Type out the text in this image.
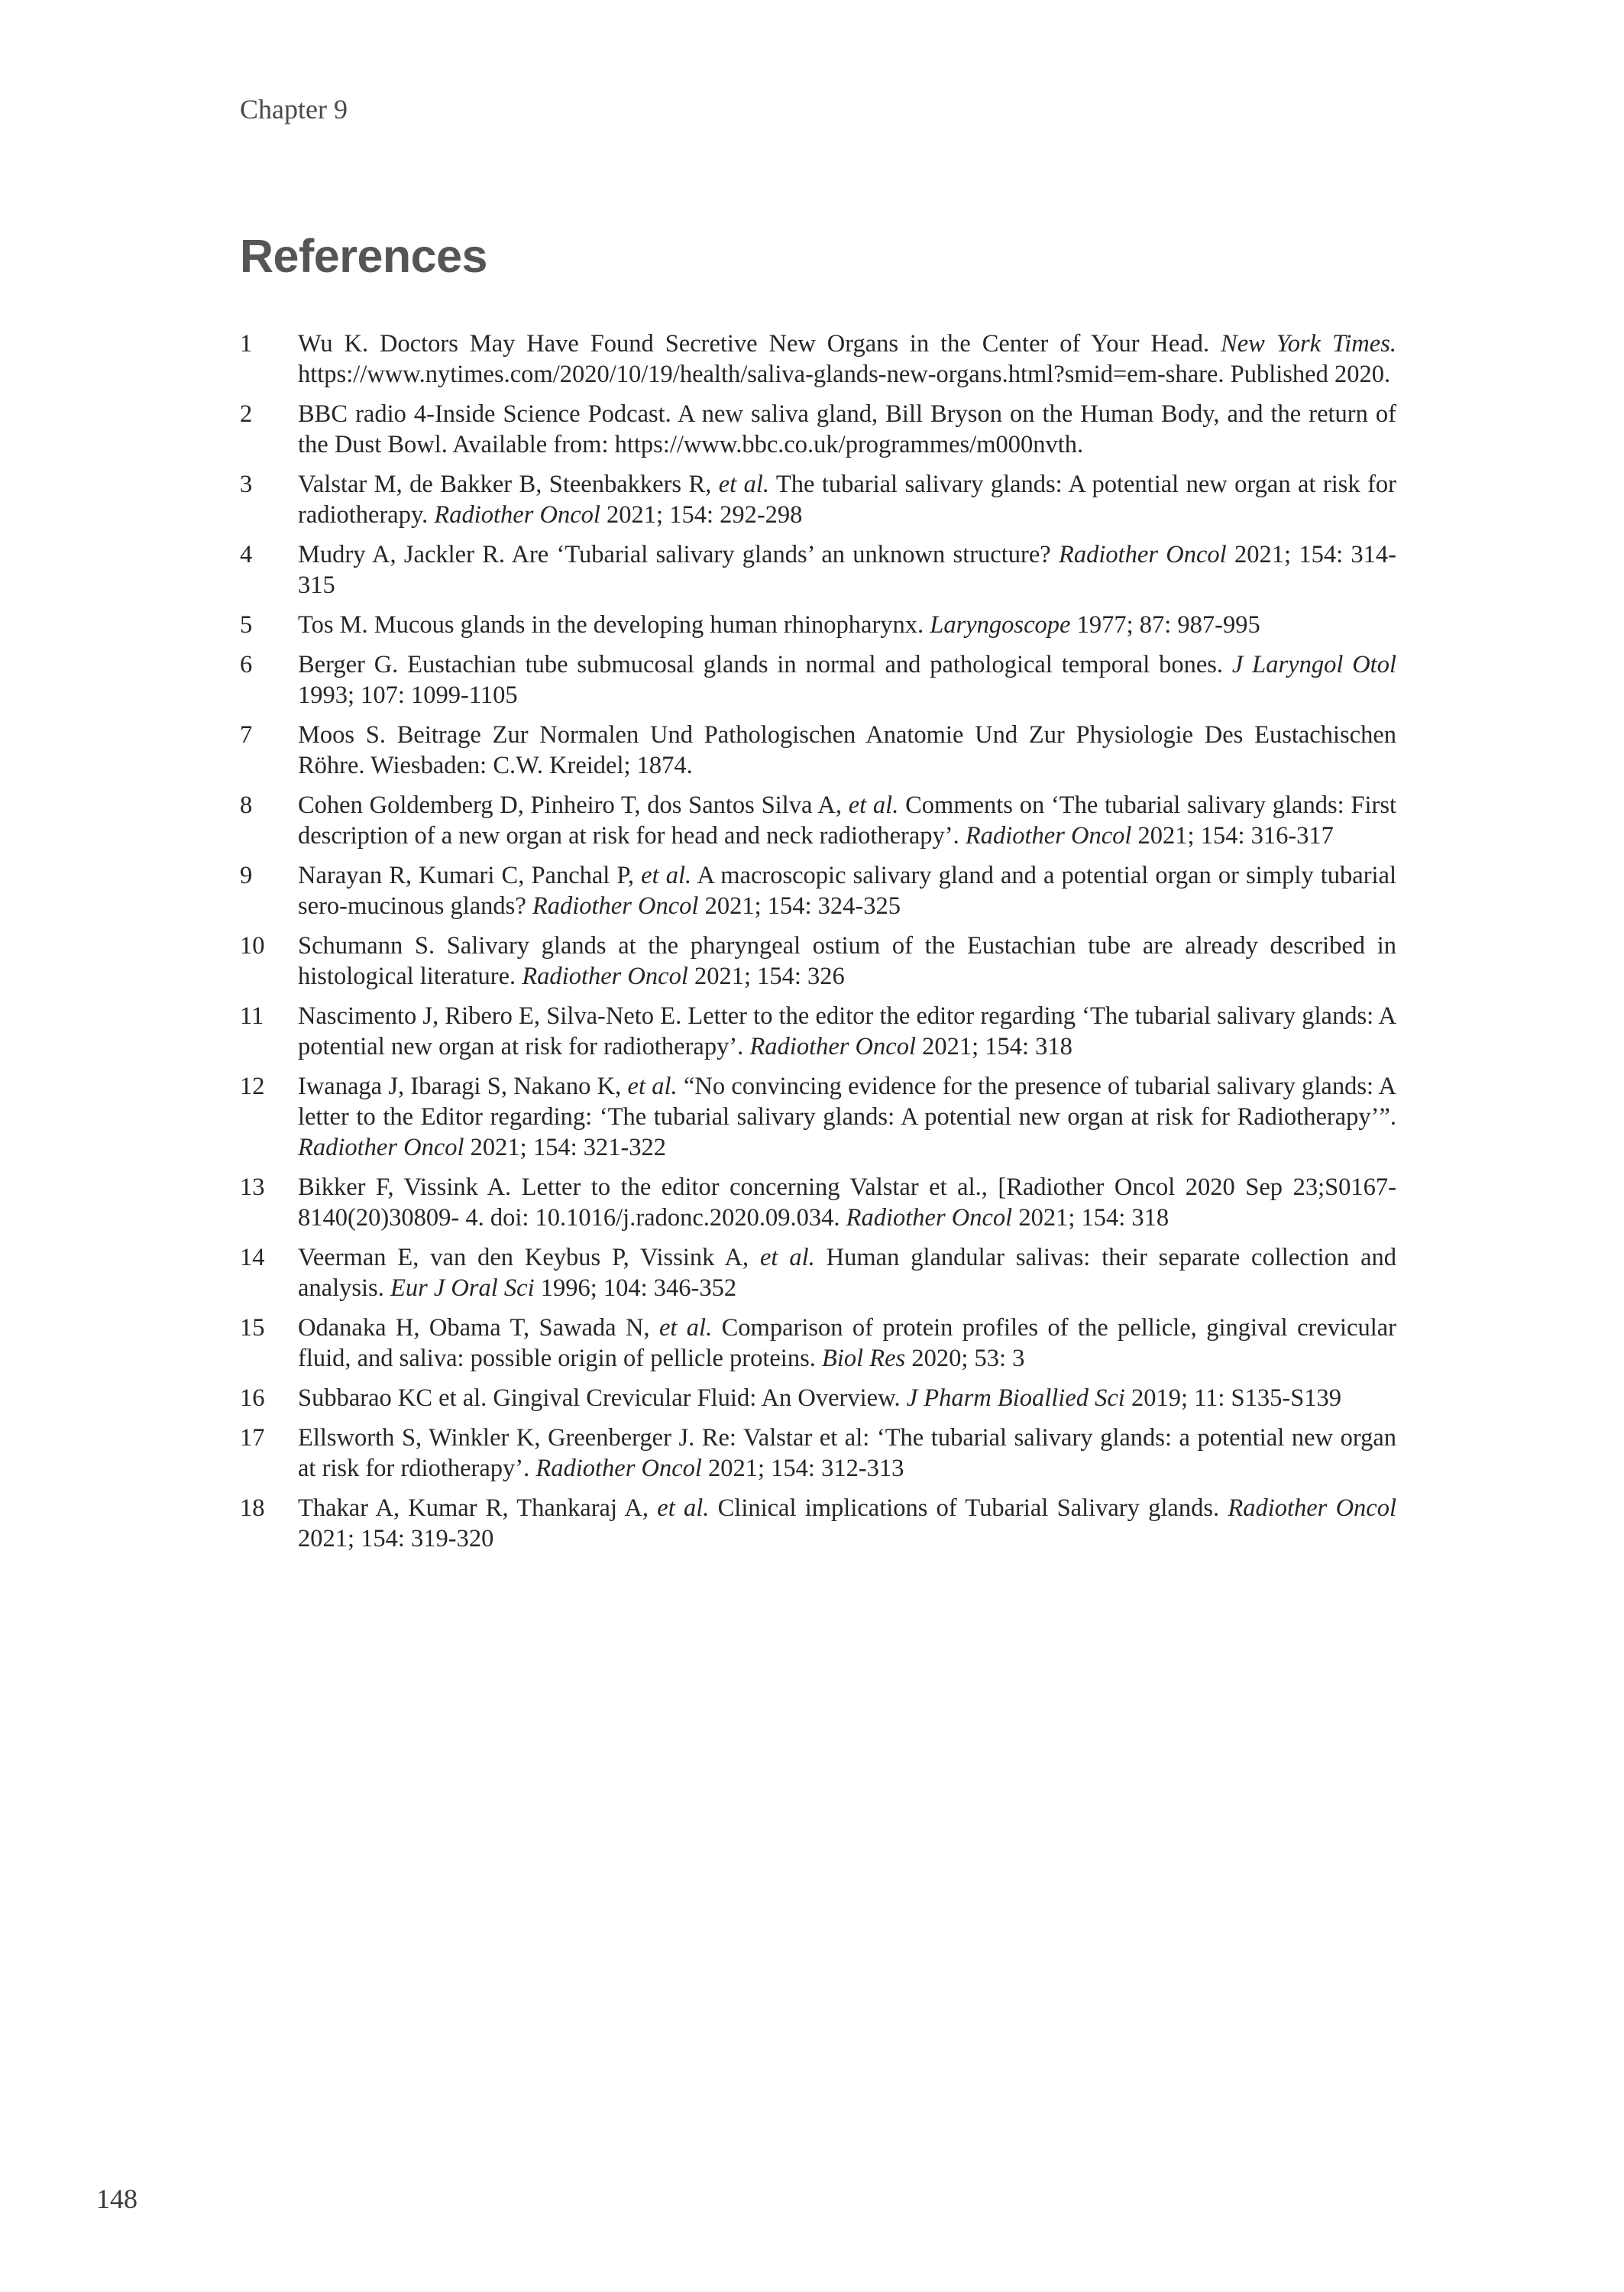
Chapter 9
References
1	Wu K. Doctors May Have Found Secretive New Organs in the Center of Your Head. New York Times. https://www.nytimes.com/2020/10/19/health/saliva-glands-new-organs.html?smid=em-share. Published 2020.
2	BBC radio 4-Inside Science Podcast. A new saliva gland, Bill Bryson on the Human Body, and the return of the Dust Bowl. Available from: https://www.bbc.co.uk/programmes/m000nvth.
3	Valstar M, de Bakker B, Steenbakkers R, et al. The tubarial salivary glands: A potential new organ at risk for radiotherapy. Radiother Oncol 2021; 154: 292-298
4	Mudry A, Jackler R. Are ‘Tubarial salivary glands’ an unknown structure? Radiother Oncol 2021; 154: 314-315
5	Tos M. Mucous glands in the developing human rhinopharynx. Laryngoscope 1977; 87: 987-995
6	Berger G. Eustachian tube submucosal glands in normal and pathological temporal bones. J Laryngol Otol 1993; 107: 1099-1105
7	Moos S. Beitrage Zur Normalen Und Pathologischen Anatomie Und Zur Physiologie Des Eustachischen Röhre. Wiesbaden: C.W. Kreidel; 1874.
8	Cohen Goldemberg D, Pinheiro T, dos Santos Silva A, et al. Comments on ‘The tubarial salivary glands: First description of a new organ at risk for head and neck radiotherapy’. Radiother Oncol 2021; 154: 316-317
9	Narayan R, Kumari C, Panchal P, et al. A macroscopic salivary gland and a potential organ or simply tubarial sero-mucinous glands? Radiother Oncol 2021; 154: 324-325
10	Schumann S. Salivary glands at the pharyngeal ostium of the Eustachian tube are already described in histological literature. Radiother Oncol 2021; 154: 326
11	Nascimento J, Ribero E, Silva-Neto E. Letter to the editor the editor regarding ‘The tubarial salivary glands: A potential new organ at risk for radiotherapy’. Radiother Oncol 2021; 154: 318
12	Iwanaga J, Ibaragi S, Nakano K, et al. “No convincing evidence for the presence of tubarial salivary glands: A letter to the Editor regarding: ‘The tubarial salivary glands: A potential new organ at risk for Radiotherapy’”. Radiother Oncol 2021; 154: 321-322
13	Bikker F, Vissink A. Letter to the editor concerning Valstar et al., [Radiother Oncol 2020 Sep 23;S0167-8140(20)30809- 4. doi: 10.1016/j.radonc.2020.09.034. Radiother Oncol 2021; 154: 318
14	Veerman E, van den Keybus P, Vissink A, et al. Human glandular salivas: their separate collection and analysis. Eur J Oral Sci 1996; 104: 346-352
15	Odanaka H, Obama T, Sawada N, et al. Comparison of protein profiles of the pellicle, gingival crevicular fluid, and saliva: possible origin of pellicle proteins. Biol Res 2020; 53: 3
16	Subbarao KC et al. Gingival Crevicular Fluid: An Overview. J Pharm Bioallied Sci 2019; 11: S135-S139
17	Ellsworth S, Winkler K, Greenberger J. Re: Valstar et al: ‘The tubarial salivary glands: a potential new organ at risk for rdiotherapy’. Radiother Oncol 2021; 154: 312-313
18	Thakar A, Kumar R, Thankaraj A, et al. Clinical implications of Tubarial Salivary glands. Radiother Oncol 2021; 154: 319-320
148
